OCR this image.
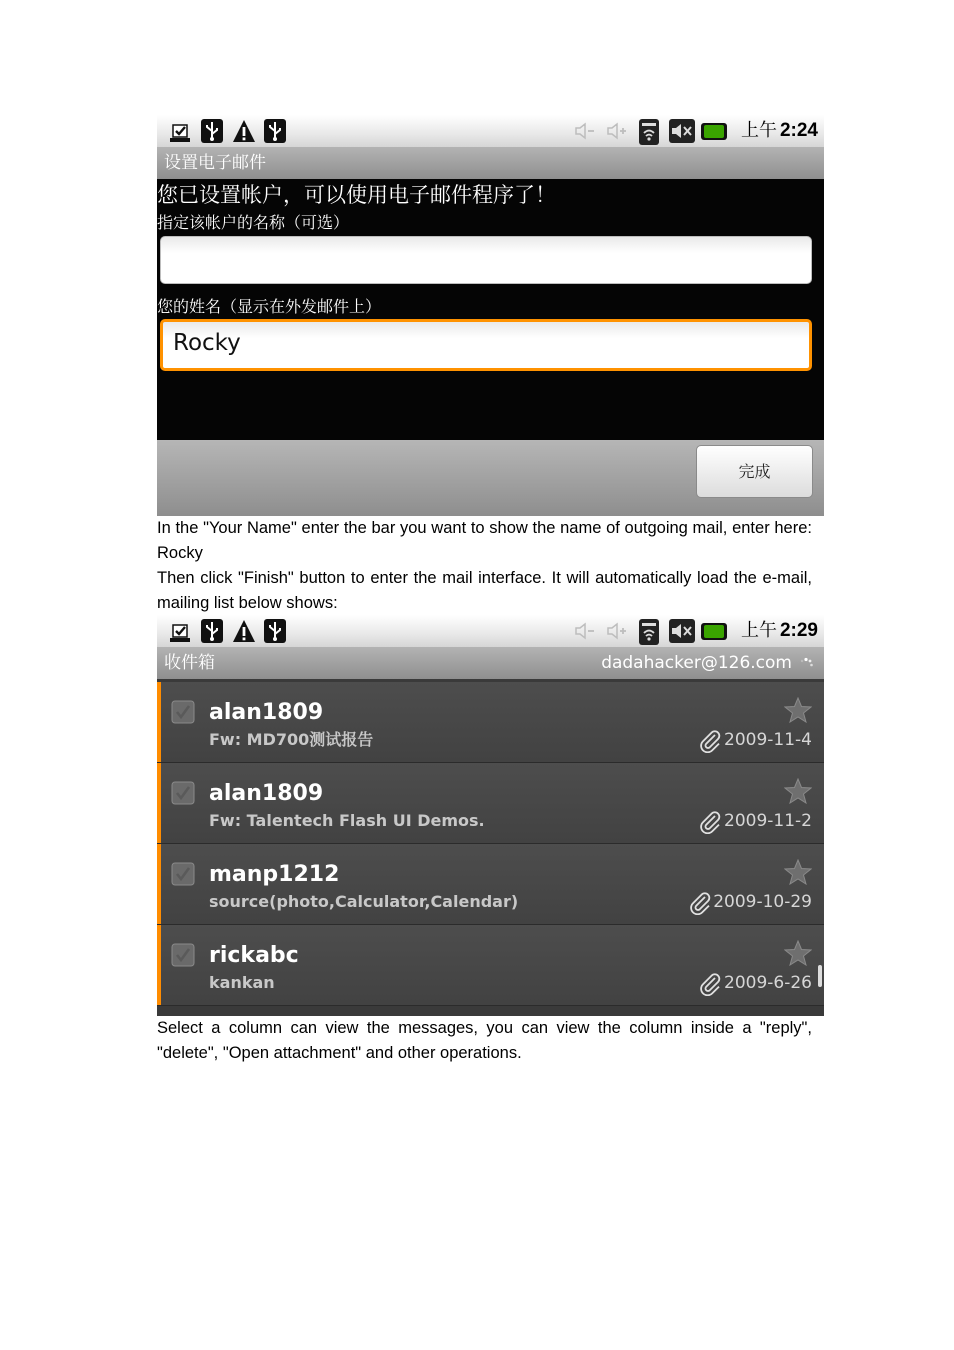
上午 2:24
设置电子邮件
您已设置帐户，可以使用电子邮件程序了！
指定该帐户的名称（可选）
您的姓名（显示在外发邮件上）
Rocky
完成

In the "Your Name" enter the bar you want to show the name of outgoing mail, enter here: Rocky

Then click "Finish" button to enter the mail interface. It will automatically load the e-mail, mailing list below shows:

上午 2:29
收件箱	dadahacker@126.com
alan1809
Fw: MD700测试报告	2009-11-4
alan1809
Fw: Talentech Flash UI Demos.	2009-11-2
manp1212
source(photo,Calculator,Calendar)	2009-10-29
rickabc
kankan	2009-6-26

Select a column can view the messages, you can view the column inside a "reply", "delete", "Open attachment" and other operations.
